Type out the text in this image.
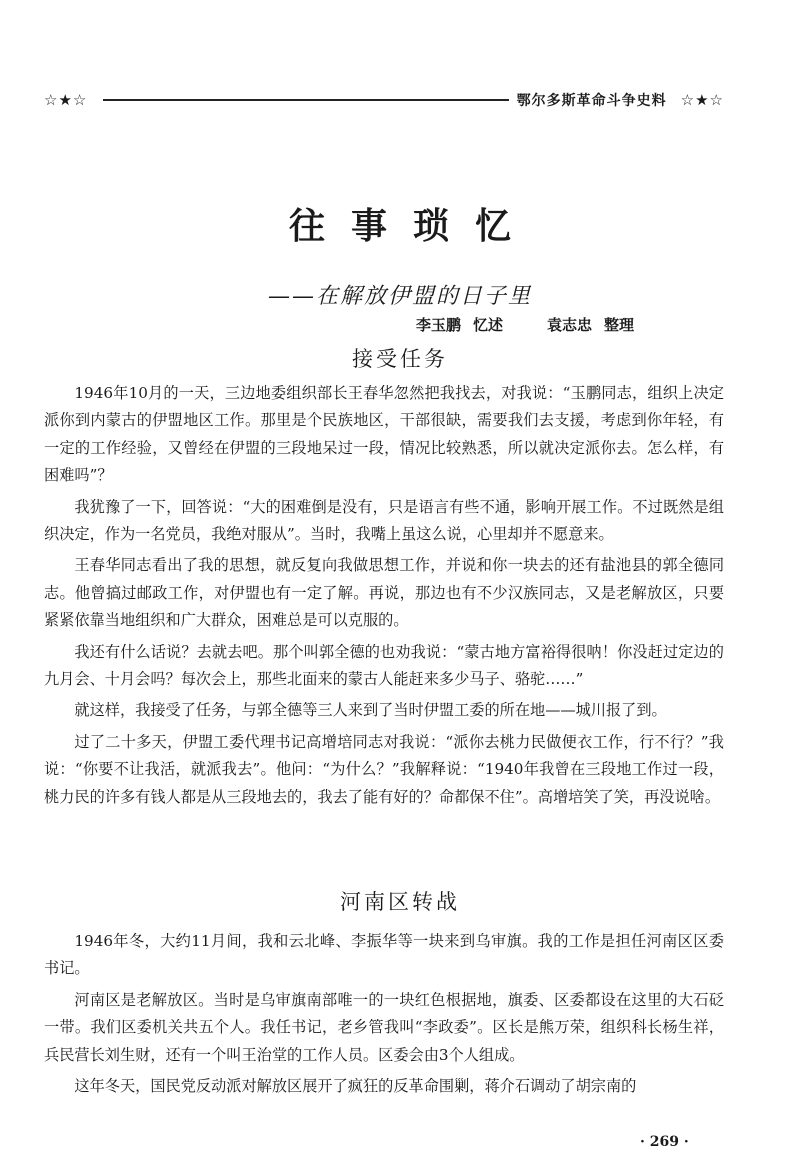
☆★☆	鄂尔多斯革命斗争史料 ☆★☆
往事琐忆
——在解放伊盟的日子里
李玉鹏 忆述	袁志忠 整理
接受任务

1946年10月的一天，三边地委组织部长王春华忽然把我找去，对我说：“玉鹏同志，组织上决定派你到内蒙古的伊盟地区工作。那里是个民族地区，干部很缺，需要我们去支援，考虑到你年轻，有一定的工作经验，又曾经在伊盟的三段地呆过一段，情况比较熟悉，所以就决定派你去。怎么样，有困难吗”？

我犹豫了一下，回答说：“大的困难倒是没有，只是语言有些不通，影响开展工作。不过既然是组织决定，作为一名党员，我绝对服从”。当时，我嘴上虽这么说，心里却并不愿意来。

王春华同志看出了我的思想，就反复向我做思想工作，并说和你一块去的还有盐池县的郭全德同志。他曾搞过邮政工作，对伊盟也有一定了解。再说，那边也有不少汉族同志，又是老解放区，只要紧紧依靠当地组织和广大群众，困难总是可以克服的。

我还有什么话说？去就去吧。那个叫郭全德的也劝我说：“蒙古地方富裕得很呐！你没赶过定边的九月会、十月会吗？每次会上，那些北面来的蒙古人能赶来多少马子、骆驼……”

就这样，我接受了任务，与郭全德等三人来到了当时伊盟工委的所在地——城川报了到。

过了二十多天，伊盟工委代理书记高增培同志对我说：“派你去桃力民做便衣工作，行不行？”我说：“你要不让我活，就派我去”。他问：“为什么？”我解释说：“1940年我曾在三段地工作过一段，桃力民的许多有钱人都是从三段地去的，我去了能有好的？命都保不住”。高增培笑了笑，再没说啥。

河南区转战

1946年冬，大约11月间，我和云北峰、李振华等一块来到乌审旗。我的工作是担任河南区区委书记。

河南区是老解放区。当时是乌审旗南部唯一的一块红色根据地，旗委、区委都设在这里的大石砭一带。我们区委机关共五个人。我任书记，老乡管我叫“李政委”。区长是熊万荣，组织科长杨生祥，兵民营长刘生财，还有一个叫王治堂的工作人员。区委会由3个人组成。

这年冬天，国民党反动派对解放区展开了疯狂的反革命围剿，蒋介石调动了胡宗南的

· 269 ·
